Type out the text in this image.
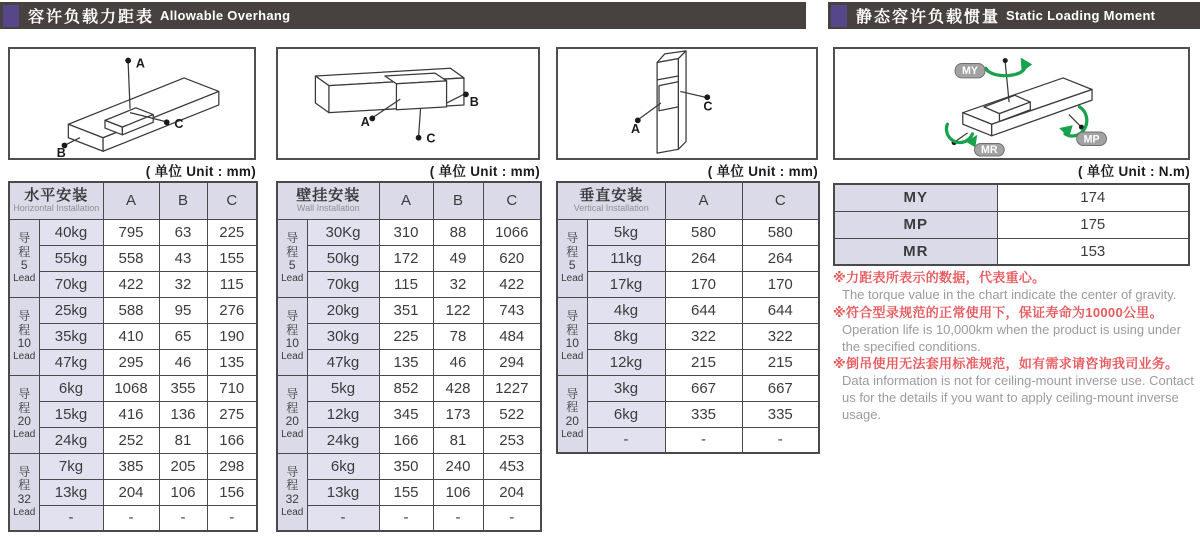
容许负载力距表 Allowable Overhang	静态容许负载惯量 Static Loading Moment
A
B
C	A
B
C
A
C
MY
MP
MR
( 单位 Unit : mm)	( 单位 Unit : mm)	( 单位 Unit : mm)	( 单位 Unit : N.m)
水平安装
Horizontal Installation		A	B	C

导
程
5
Lead	40kg	795	63	225
	55kg	558	43	155
	70kg	422	32	115

导
程
10
Lead	25kg	588	95	276
	35kg	410	65	190
	47kg	295	46	135

导
程
20
Lead	6kg	1068	355	710
	15kg	416	136	275
	24kg	252	81	166

导
程
32
Lead	7kg	385	205	298
	13kg	204	106	156
	-	-	-	-
壁挂安装
Wall Installation		A	B	C

导
程
5
Lead	30Kg	310	88	1066
	50kg	172	49	620
	70kg	115	32	422

导
程
10
Lead	20kg	351	122	743
	30kg	225	78	484
	47kg	135	46	294

导
程
20
Lead	5kg	852	428	1227
	12kg	345	173	522
	24kg	166	81	253

导
程
32
Lead	6kg	350	240	453
	13kg	155	106	204
	-	-	-	-
垂直安装
Vertical Installation		A	C

导
程
5
Lead	5kg	580	580
	11kg	264	264
	17kg	170	170

导
程
10
Lead	4kg	644	644
	8kg	322	322
	12kg	215	215

导
程
20
Lead	3kg	667	667
	6kg	335	335
	-	-	-
MY	174
MP	175
MR	153
※力距表所表示的数据，代表重心。
The torque value in the chart indicate the center of gravity.
※符合型录规范的正常使用下，保证寿命为10000公里。
Operation life is 10,000km when the product is using under the specified conditions.
※倒吊使用无法套用标准规范，如有需求请咨询我司业务。
Data information is not for ceiling-mount inverse use. Contact us for the details if you want to apply ceiling-mount inverse usage.
